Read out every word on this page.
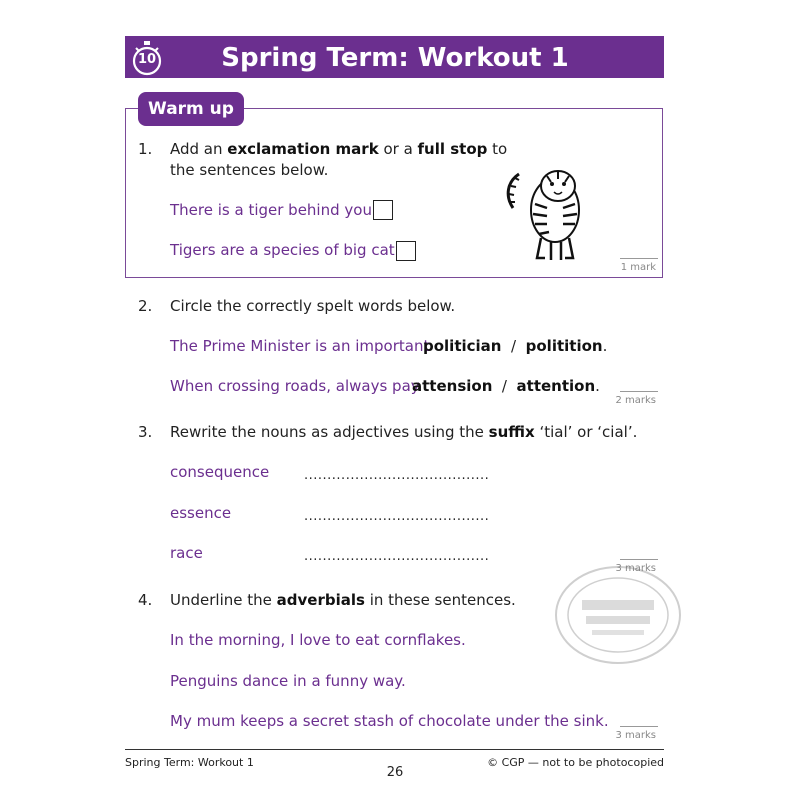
10	Spring Term: Workout 1
Warm up
1. Add an exclamation mark or a full stop to
the sentences below.
There is a tiger behind you
Tigers are a species of big cat
1 mark
2. Circle the correctly spelt words below.
The Prime Minister is an important
politician / politition.
When crossing roads, always pay
attension / attention.
2 marks
3. Rewrite the nouns as adjectives using the suffix ‘tial’ or ‘cial’.
consequence	........................................
essence	........................................
race	........................................
3 marks
4. Underline the adverbials in these sentences.
In the morning, I love to eat cornflakes.
Penguins dance in a funny way.
My mum keeps a secret stash of chocolate under the sink.
3 marks
Spring Term: Workout 1
26
© CGP — not to be photocopied
